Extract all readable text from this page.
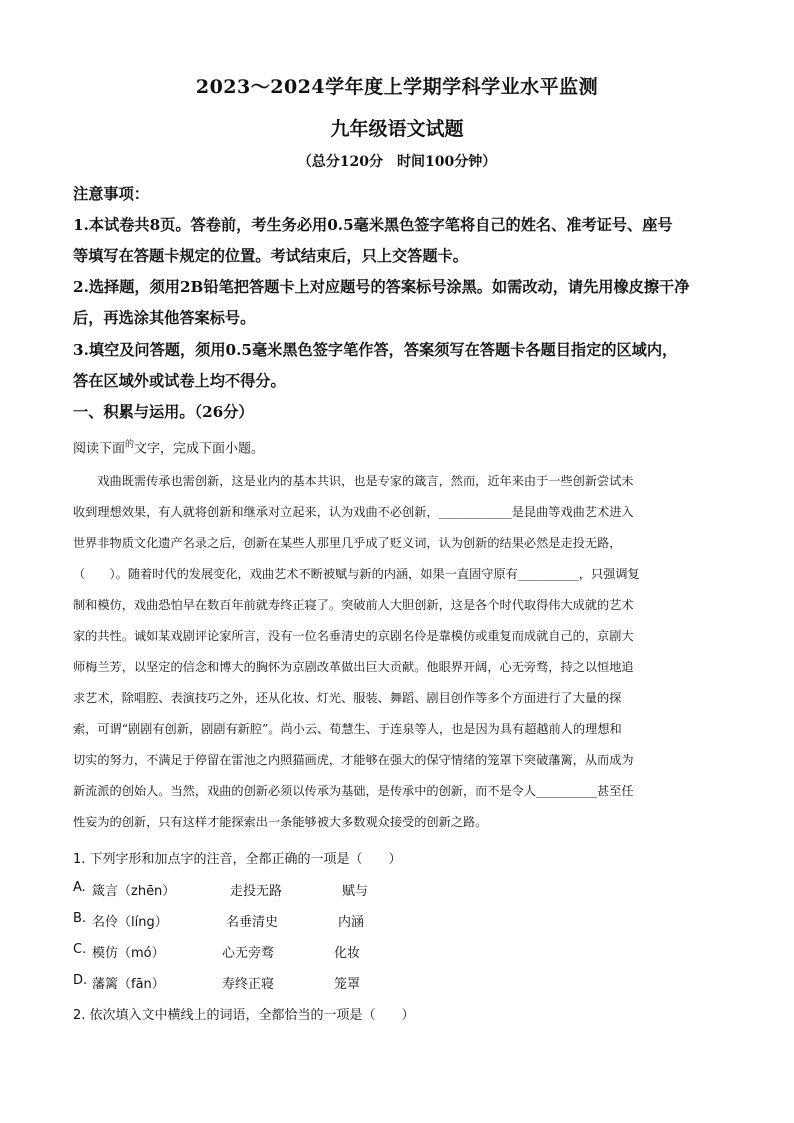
2023～2024学年度上学期学科学业水平监测
九年级语文试题
（总分120分　时间100分钟）
注意事项：
1.本试卷共8页。答卷前，考生务必用0.5毫米黑色签字笔将自己的姓名、准考证号、座号
等填写在答题卡规定的位置。考试结束后，只上交答题卡。
2.选择题，须用2B铅笔把答题卡上对应题号的答案标号涂黑。如需改动，请先用橡皮擦干净
后，再选涂其他答案标号。
3.填空及问答题，须用0.5毫米黑色签字笔作答，答案须写在答题卡各题目指定的区域内，
答在区域外或试卷上均不得分。
一、积累与运用。（26分）
阅读下面$^的$文字，完成下面小题。
　　戏曲既需传承也需创新，这是业内的基本共识，也是专家的箴言，然而，近年来由于一些创新尝试未
收到理想效果，有人就将创新和继承对立起来，认为戏曲不必创新，____________是昆曲等戏曲艺术进入
世界非物质文化遗产名录之后，创新在某些人那里几乎成了贬义词，认为创新的结果必然是走投无路，
（　　）。随着时代的发展变化，戏曲艺术不断被赋与新的内涵，如果一直固守原有__________，只强调复
制和模仿，戏曲恐怕早在数百年前就寿终正寝了。突破前人大胆创新，这是各个时代取得伟大成就的艺术
家的共性。诚如某戏剧评论家所言，没有一位名垂清史的京剧名伶是靠模仿或重复而成就自己的，京剧大
师梅兰芳，以坚定的信念和博大的胸怀为京剧改革做出巨大贡献。他眼界开阔，心无旁骛，持之以恒地追
求艺术，除唱腔、表演技巧之外，还从化妆、灯光、服装、舞蹈、剧目创作等多个方面进行了大量的探
索，可谓“剧剧有创新，剧剧有新腔”。尚小云、荀慧生、于连泉等人，也是因为具有超越前人的理想和
切实的努力，不满足于停留在雷池之内照猫画虎，才能够在强大的保守情绪的笼罩下突破藩篱，从而成为
新流派的创始人。当然，戏曲的创新必须以传承为基础，是传承中的创新，而不是令人__________甚至任
性妄为的创新，只有这样才能探索出一条能够被大多数观众接受的创新之路。
1. 下列字形和加点字的注音，全都正确的一项是（　　）
A. 箴言（zhēn）	走投无路	赋与
B. 名伶（líng）	名垂清史	内涵
C. 模仿（mó）	心无旁骛	化妆
D. 藩篱（fān）	寿终正寝	笼罩
2. 依次填入文中横线上的词语，全都恰当的一项是（　　）
